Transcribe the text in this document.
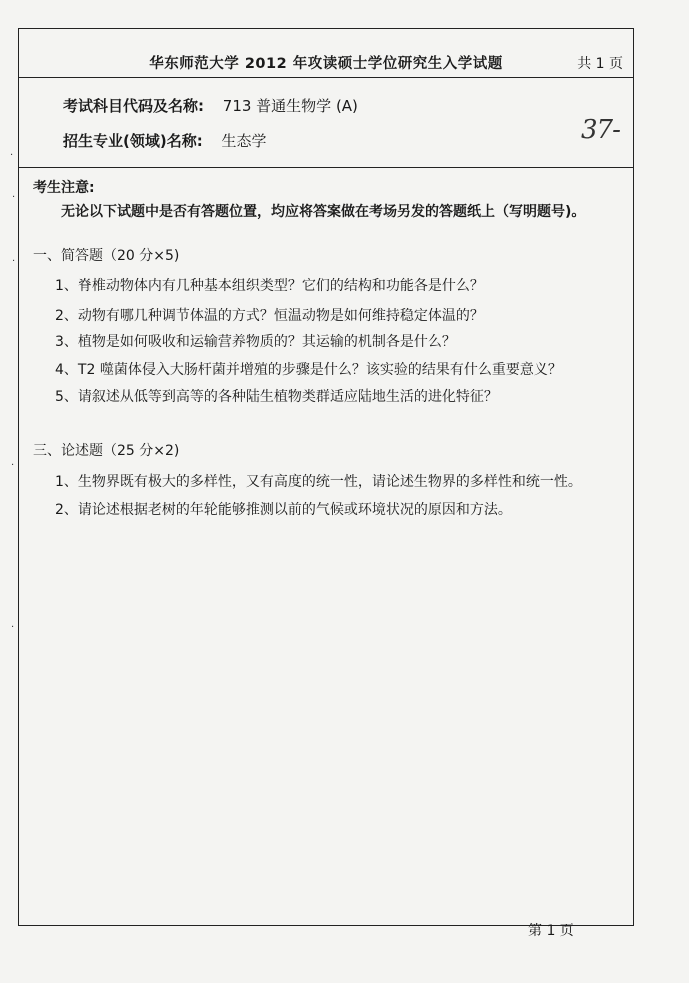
华东师范大学 2012 年攻读硕士学位研究生入学试题	共 1 页
考试科目代码及名称: 713 普通生物学 (A)
招生专业(领域)名称: 生态学	37-
考生注意:
无论以下试题中是否有答题位置，均应将答案做在考场另发的答题纸上（写明题号)。
一、简答题（20 分×5)
1、脊椎动物体内有几种基本组织类型？它们的结构和功能各是什么？
2、动物有哪几种调节体温的方式？恒温动物是如何维持稳定体温的？
3、植物是如何吸收和运输营养物质的？其运输的机制各是什么？
4、T2 噬菌体侵入大肠杆菌并增殖的步骤是什么？该实验的结果有什么重要意义？
5、请叙述从低等到高等的各种陆生植物类群适应陆地生活的进化特征？
三、论述题（25 分×2)
1、生物界既有极大的多样性，又有高度的统一性，请论述生物界的多样性和统一性。
2、请论述根据老树的年轮能够推测以前的气候或环境状况的原因和方法。
第 1 页
·
·
·
·
·
